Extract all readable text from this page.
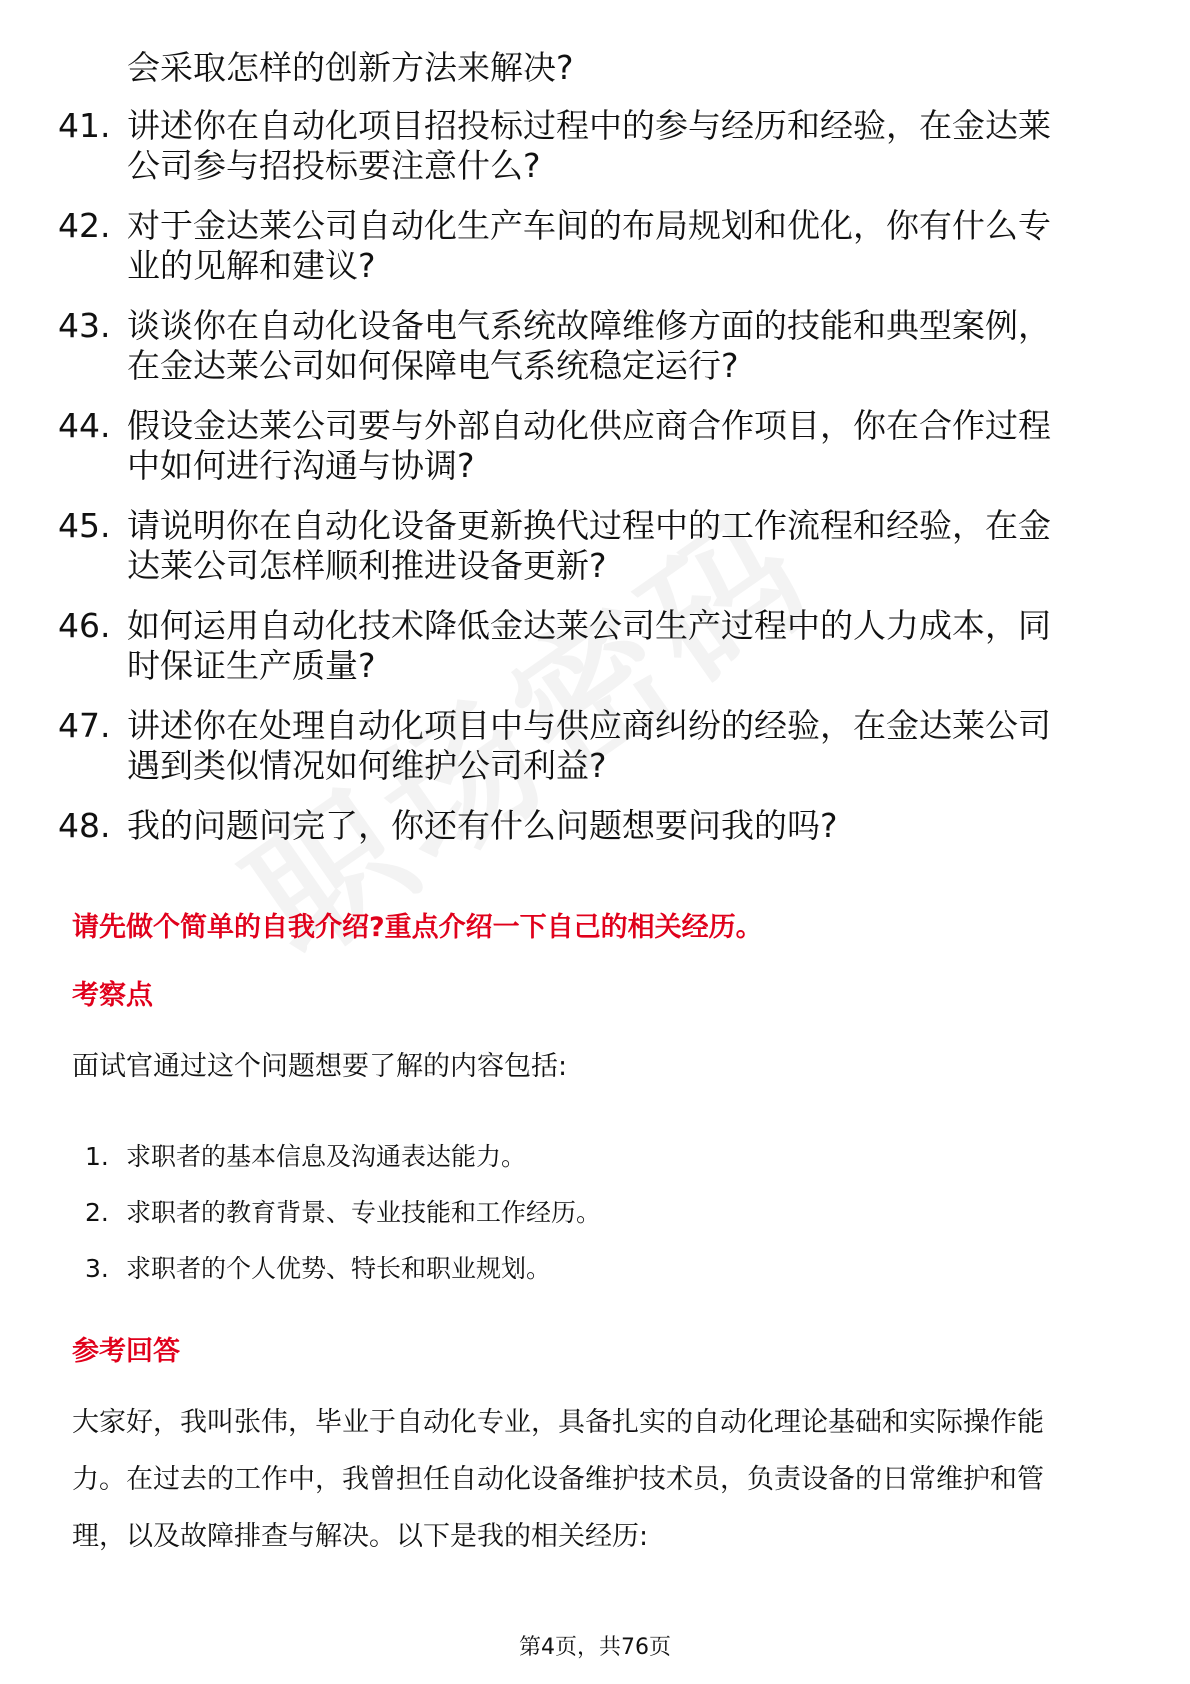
会采取怎样的创新方法来解决?
41. 讲述你在自动化项目招投标过程中的参与经历和经验，在金达莱
公司参与招投标要注意什么?
42. 对于金达莱公司自动化生产车间的布局规划和优化，你有什么专
业的见解和建议?
43. 谈谈你在自动化设备电气系统故障维修方面的技能和典型案例，
在金达莱公司如何保障电气系统稳定运行?
44. 假设金达莱公司要与外部自动化供应商合作项目，你在合作过程
中如何进行沟通与协调?
45. 请说明你在自动化设备更新换代过程中的工作流程和经验，在金
达莱公司怎样顺利推进设备更新?
46. 如何运用自动化技术降低金达莱公司生产过程中的人力成本，同
时保证生产质量?
47. 讲述你在处理自动化项目中与供应商纠纷的经验，在金达莱公司
遇到类似情况如何维护公司利益?
48. 我的问题问完了，你还有什么问题想要问我的吗?
请先做个简单的自我介绍?重点介绍一下自己的相关经历。
考察点
面试官通过这个问题想要了解的内容包括:
1. 求职者的基本信息及沟通表达能力。
2. 求职者的教育背景、专业技能和工作经历。
3. 求职者的个人优势、特长和职业规划。
参考回答
大家好，我叫张伟，毕业于自动化专业，具备扎实的自动化理论基础和实际操作能
力。在过去的工作中，我曾担任自动化设备维护技术员，负责设备的日常维护和管
理，以及故障排查与解决。以下是我的相关经历:
第4页，共76页
